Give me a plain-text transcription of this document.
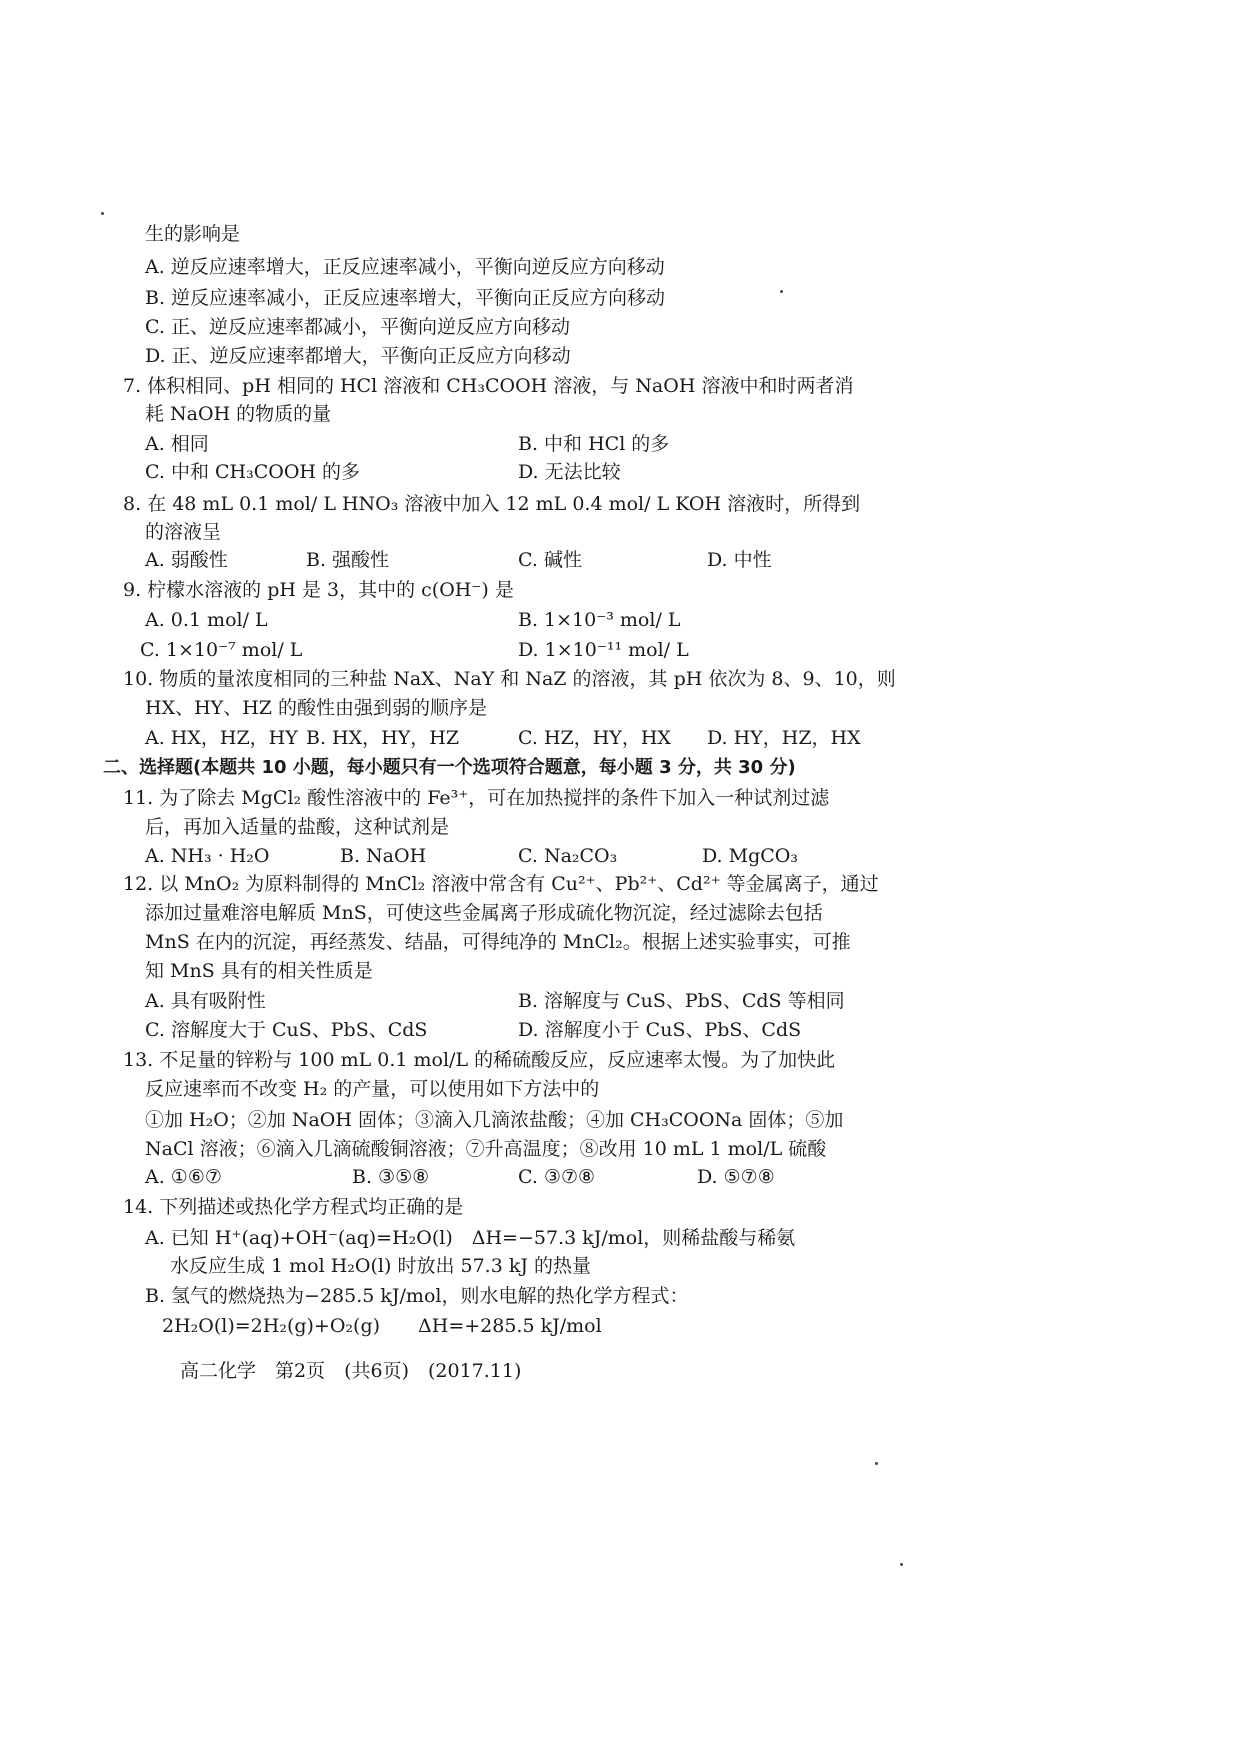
生的影响是
A. 逆反应速率增大，正反应速率减小，平衡向逆反应方向移动
B. 逆反应速率减小，正反应速率增大，平衡向正反应方向移动
C. 正、逆反应速率都减小，平衡向逆反应方向移动
D. 正、逆反应速率都增大，平衡向正反应方向移动
7. 体积相同、pH 相同的 HCl 溶液和 CH₃COOH 溶液，与 NaOH 溶液中和时两者消
耗 NaOH 的物质的量
A. 相同	B. 中和 HCl 的多
C. 中和 CH₃COOH 的多	D. 无法比较
8. 在 48 mL 0.1 mol/ L HNO₃ 溶液中加入 12 mL 0.4 mol/ L KOH 溶液时，所得到
的溶液呈
A. 弱酸性	B. 强酸性	C. 碱性	D. 中性
9. 柠檬水溶液的 pH 是 3，其中的 c(OH⁻) 是
A. 0.1 mol/ L	B. 1×10⁻³ mol/ L
C. 1×10⁻⁷ mol/ L	D. 1×10⁻¹¹ mol/ L
10. 物质的量浓度相同的三种盐 NaX、NaY 和 NaZ 的溶液，其 pH 依次为 8、9、10，则
HX、HY、HZ 的酸性由强到弱的顺序是
A. HX，HZ，HY B. HX，HY，HZ	C. HZ，HY，HX D. HY，HZ，HX
二、选择题(本题共 10 小题，每小题只有一个选项符合题意，每小题 3 分，共 30 分)
11. 为了除去 MgCl₂ 酸性溶液中的 Fe³⁺，可在加热搅拌的条件下加入一种试剂过滤
后，再加入适量的盐酸，这种试剂是
A. NH₃ · H₂O	B. NaOH	C. Na₂CO₃	D. MgCO₃
12. 以 MnO₂ 为原料制得的 MnCl₂ 溶液中常含有 Cu²⁺、Pb²⁺、Cd²⁺ 等金属离子，通过
添加过量难溶电解质 MnS，可使这些金属离子形成硫化物沉淀，经过滤除去包括
MnS 在内的沉淀，再经蒸发、结晶，可得纯净的 MnCl₂。根据上述实验事实，可推
知 MnS 具有的相关性质是
A. 具有吸附性	B. 溶解度与 CuS、PbS、CdS 等相同
C. 溶解度大于 CuS、PbS、CdS	D. 溶解度小于 CuS、PbS、CdS
13. 不足量的锌粉与 100 mL 0.1 mol/L 的稀硫酸反应，反应速率太慢。为了加快此
反应速率而不改变 H₂ 的产量，可以使用如下方法中的
①加 H₂O；②加 NaOH 固体；③滴入几滴浓盐酸；④加 CH₃COONa 固体；⑤加
NaCl 溶液；⑥滴入几滴硫酸铜溶液；⑦升高温度；⑧改用 10 mL 1 mol/L 硫酸
A. ①⑥⑦	B. ③⑤⑧	C. ③⑦⑧	D. ⑤⑦⑧
14. 下列描述或热化学方程式均正确的是
A. 已知 H⁺(aq)+OH⁻(aq)=H₂O(l)　ΔH=−57.3 kJ/mol，则稀盐酸与稀氨
水反应生成 1 mol H₂O(l) 时放出 57.3 kJ 的热量
B. 氢气的燃烧热为−285.5 kJ/mol，则水电解的热化学方程式：
2H₂O(l)=2H₂(g)+O₂(g)　　ΔH=+285.5 kJ/mol
高二化学　第2页　(共6页)　(2017.11)
